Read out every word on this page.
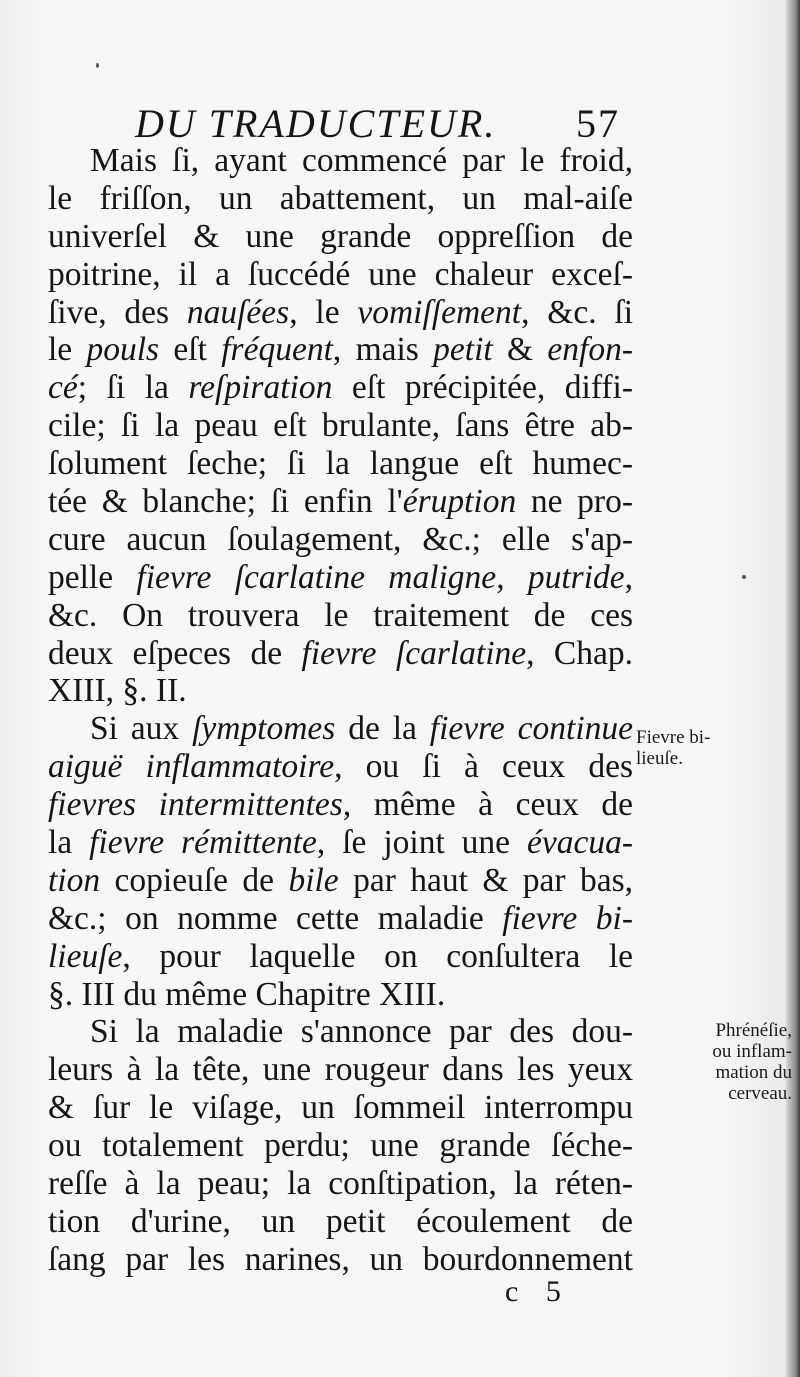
DU TRADUCTEUR. 57
Mais ſi, ayant commencé par le froid,
le friſſon, un abattement, un mal-aiſe
univerſel & une grande oppreſſion de
poitrine, il a ſuccédé une chaleur exceſ-
ſive, des nauſées, le vomiſſement, &c. ſi
le pouls eſt fréquent, mais petit & enfon-
cé; ſi la reſpiration eſt précipitée, diffi-
cile; ſi la peau eſt brulante, ſans être ab-
ſolument ſeche; ſi la langue eſt humec-
tée & blanche; ſi enfin l'éruption ne pro-
cure aucun ſoulagement, &c.; elle s'ap-
pelle fievre ſcarlatine maligne, putride,
&c. On trouvera le traitement de ces
deux eſpeces de fievre ſcarlatine, Chap.
XIII, §. II.
Si aux ſymptomes de la fievre continue
aiguë inflammatoire, ou ſi à ceux des
fievres intermittentes, même à ceux de
la fievre rémittente, ſe joint une évacua-
tion copieuſe de bile par haut & par bas,
&c.; on nomme cette maladie fievre bi-
lieuſe, pour laquelle on conſultera le
§. III du même Chapitre XIII.
Si la maladie s'annonce par des dou-
leurs à la tête, une rougeur dans les yeux
& ſur le viſage, un ſommeil interrompu
ou totalement perdu; une grande ſéche-
reſſe à la peau; la conſtipation, la réten-
tion d'urine, un petit écoulement de
ſang par les narines, un bourdonnement
Fievre bi-
lieuſe.
Phrénéſie,
ou inflam-
mation du
cerveau.
c 5
